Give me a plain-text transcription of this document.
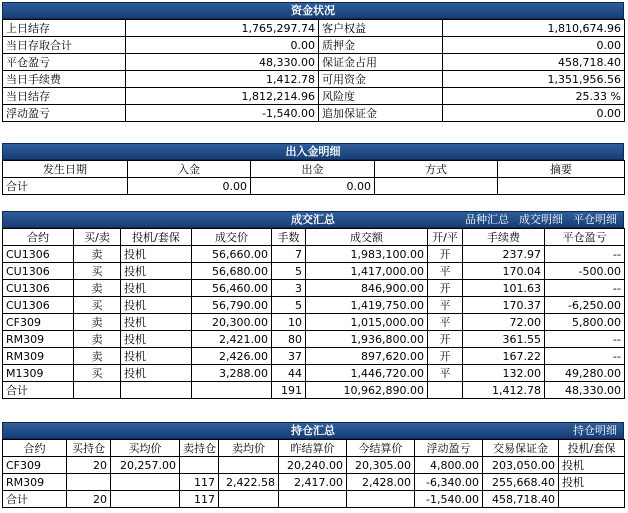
资金状况
上日结存	1,765,297.74	客户权益	1,810,674.96
当日存取合计	0.00	质押金	0.00
平仓盈亏	48,330.00	保证金占用	458,718.40
当日手续费	1,412.78	可用资金	1,351,956.56
当日结存	1,812,214.96	风险度	25.33 %
浮动盈亏	-1,540.00	追加保证金	0.00
出入金明细
发生日期	入金	出金	方式	摘要
合计	0.00	0.00		
成交汇总	品种汇总 成交明细 平仓明细
合约	买/卖	投机/套保	成交价	手数	成交额	开/平	手续费	平仓盈亏
CU1306	卖	投机	56,660.00	7	1,983,100.00	开	237.97	--
CU1306	买	投机	56,680.00	5	1,417,000.00	平	170.04	-500.00
CU1306	卖	投机	56,460.00	3	846,900.00	开	101.63	--
CU1306	买	投机	56,790.00	5	1,419,750.00	平	170.37	-6,250.00
CF309	卖	投机	20,300.00	10	1,015,000.00	平	72.00	5,800.00
RM309	卖	投机	2,421.00	80	1,936,800.00	开	361.55	--
RM309	卖	投机	2,426.00	37	897,620.00	开	167.22	--
M1309	买	投机	3,288.00	44	1,446,720.00	平	132.00	49,280.00
合计				191	10,962,890.00		1,412.78	48,330.00
持仓汇总	持仓明细
合约	买持仓	买均价	卖持仓	卖均价	昨结算价	今结算价	浮动盈亏	交易保证金	投机/套保
CF309	20	20,257.00			20,240.00	20,305.00	4,800.00	203,050.00	投机
RM309			117	2,422.58	2,417.00	2,428.00	-6,340.00	255,668.40	投机
合计	20		117				-1,540.00	458,718.40	
